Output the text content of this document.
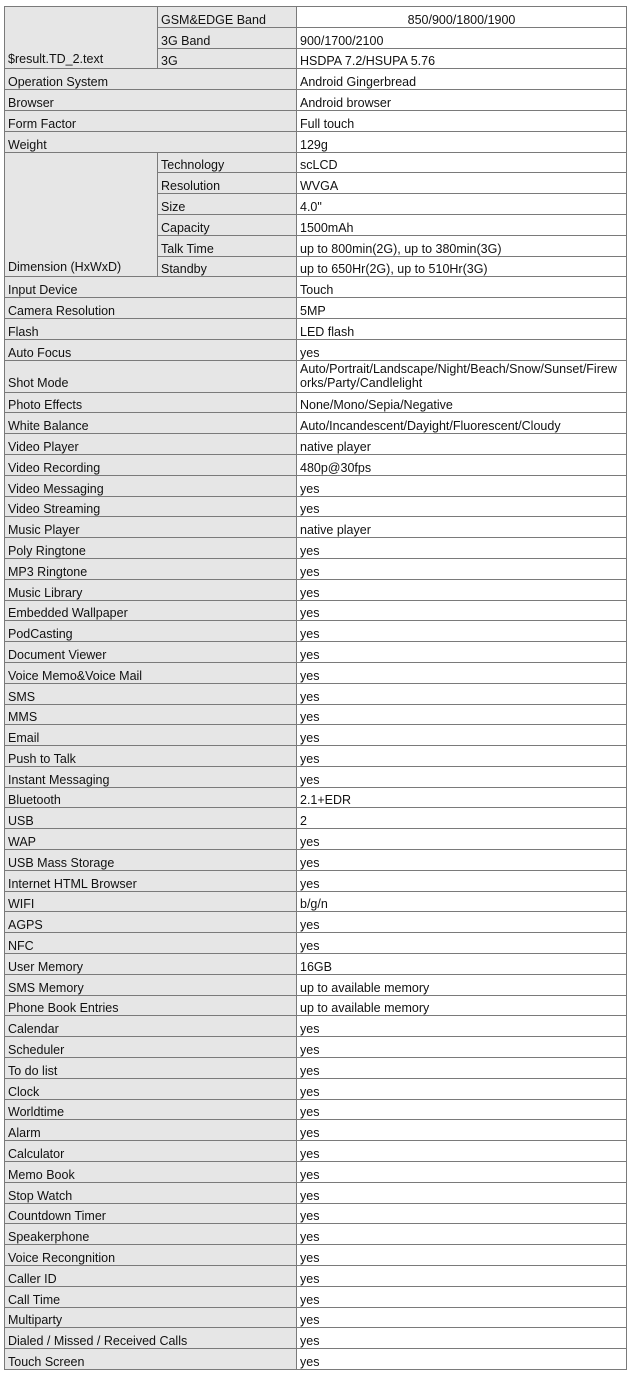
$result.TD_2.text	GSM&EDGE Band	850/900/1800/1900
	3G Band	900/1700/2100
	3G	HSDPA 7.2/HSUPA 5.76
Operation System		Android Gingerbread
Browser		Android browser
Form Factor		Full touch
Weight		129g
Dimension (HxWxD)	Technology	scLCD
	Resolution	WVGA
	Size	4.0"
	Capacity	1500mAh
	Talk Time	up to 800min(2G), up to 380min(3G)
	Standby	up to 650Hr(2G), up to 510Hr(3G)
Input Device		Touch
Camera Resolution		5MP
Flash		LED flash
Auto Focus		yes
Shot Mode		Auto/Portrait/Landscape/Night/Beach/Snow/Sunset/Fireworks/Party/Candlelight
Photo Effects		None/Mono/Sepia/Negative
White Balance		Auto/Incandescent/Dayight/Fluorescent/Cloudy
Video Player		native player
Video Recording		480p@30fps
Video Messaging		yes
Video Streaming		yes
Music Player		native player
Poly Ringtone		yes
MP3 Ringtone		yes
Music Library		yes
Embedded Wallpaper		yes
PodCasting		yes
Document Viewer		yes
Voice Memo&Voice Mail		yes
SMS		yes
MMS		yes
Email		yes
Push to Talk		yes
Instant Messaging		yes
Bluetooth		2.1+EDR
USB		2
WAP		yes
USB Mass Storage		yes
Internet HTML Browser		yes
WIFI		b/g/n
AGPS		yes
NFC		yes
User Memory		16GB
SMS Memory		up to available memory
Phone Book Entries		up to available memory
Calendar		yes
Scheduler		yes
To do list		yes
Clock		yes
Worldtime		yes
Alarm		yes
Calculator		yes
Memo Book		yes
Stop Watch		yes
Countdown Timer		yes
Speakerphone		yes
Voice Recongnition		yes
Caller ID		yes
Call Time		yes
Multiparty		yes
Dialed / Missed / Received Calls		yes
Touch Screen		yes
